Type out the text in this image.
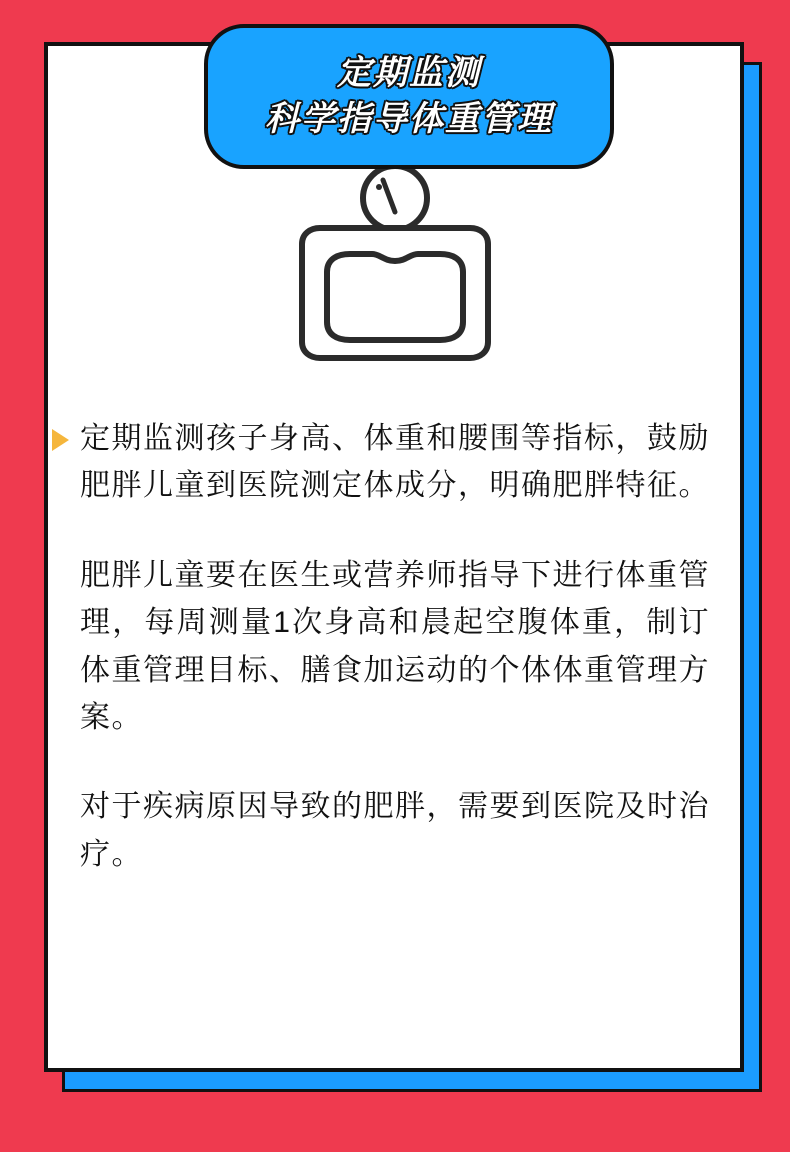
定期监测
科学指导体重管理
定期监测孩子身高、体重和腰围等指标，鼓励肥胖儿童到医院测定体成分，明确肥胖特征。
肥胖儿童要在医生或营养师指导下进行体重管理，每周测量1次身高和晨起空腹体重，制订体重管理目标、膳食加运动的个体体重管理方案。
对于疾病原因导致的肥胖，需要到医院及时治疗。
